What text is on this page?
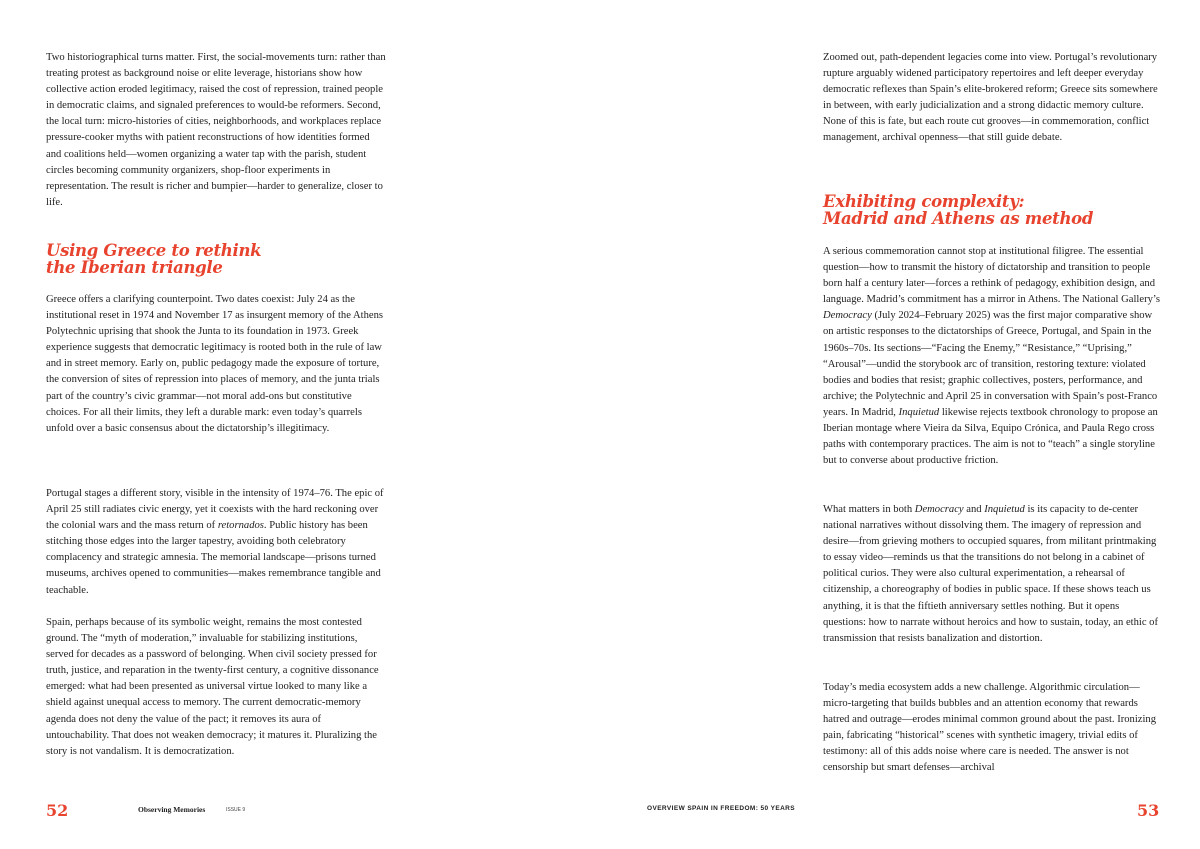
Two historiographical turns matter. First, the social-movements turn: rather than treating protest as background noise or elite leverage, historians show how collective action eroded legitimacy, raised the cost of repression, trained people in democratic claims, and signaled preferences to would-be reformers. Second, the local turn: micro-histories of cities, neighborhoods, and workplaces replace pressure-cooker myths with patient reconstructions of how identities formed and coalitions held—women organizing a water tap with the parish, student circles becoming community organizers, shop-floor experiments in representation. The result is richer and bumpier—harder to generalize, closer to life.

Using Greece to rethink
the Iberian triangle

Greece offers a clarifying counterpoint. Two dates coexist: July 24 as the institutional reset in 1974 and November 17 as insurgent memory of the Athens Polytechnic uprising that shook the Junta to its foundation in 1973. Greek experience suggests that democratic legitimacy is rooted both in the rule of law and in street memory. Early on, public pedagogy made the exposure of torture, the conversion of sites of repression into places of memory, and the junta trials part of the country’s civic grammar—not moral add-ons but constitutive choices. For all their limits, they left a durable mark: even today’s quarrels unfold over a basic consensus about the dictatorship’s illegitimacy.

Portugal stages a different story, visible in the intensity of 1974–76. The epic of April 25 still radiates civic energy, yet it coexists with the hard reckoning over the colonial wars and the mass return of retornados. Public history has been stitching those edges into the larger tapestry, avoiding both celebratory complacency and strategic amnesia. The memorial landscape—prisons turned museums, archives opened to communities—makes remembrance tangible and teachable.

Spain, perhaps because of its symbolic weight, remains the most contested ground. The “myth of moderation,” invaluable for stabilizing institutions, served for decades as a password of belonging. When civil society pressed for truth, justice, and reparation in the twenty-first century, a cognitive dissonance emerged: what had been presented as universal virtue looked to many like a shield against unequal access to memory. The current democratic-memory agenda does not deny the value of the pact; it removes its aura of untouchability. That does not weaken democracy; it matures it. Pluralizing the story is not vandalism. It is democratization.

Zoomed out, path-dependent legacies come into view. Portugal’s revolutionary rupture arguably widened participatory repertoires and left deeper everyday democratic reflexes than Spain’s elite-brokered reform; Greece sits somewhere in between, with early judicialization and a strong didactic memory culture. None of this is fate, but each route cut grooves—in commemoration, conflict management, archival openness—that still guide debate.

Exhibiting complexity:
Madrid and Athens as method

A serious commemoration cannot stop at institutional filigree. The essential question—how to transmit the history of dictatorship and transition to people born half a century later—forces a rethink of pedagogy, exhibition design, and language. Madrid’s commitment has a mirror in Athens. The National Gallery’s Democracy (July 2024–February 2025) was the first major comparative show on artistic responses to the dictatorships of Greece, Portugal, and Spain in the 1960s–70s. Its sections—“Facing the Enemy,” “Resistance,” “Uprising,” “Arousal”—undid the storybook arc of transition, restoring texture: violated bodies and bodies that resist; graphic collectives, posters, performance, and archive; the Polytechnic and April 25 in conversation with Spain’s post-Franco years. In Madrid, Inquietud likewise rejects textbook chronology to propose an Iberian montage where Vieira da Silva, Equipo Crónica, and Paula Rego cross paths with contemporary practices. The aim is not to “teach” a single storyline but to converse about productive friction.

What matters in both Democracy and Inquietud is its capacity to de-center national narratives without dissolving them. The imagery of repression and desire—from grieving mothers to occupied squares, from militant printmaking to essay video—reminds us that the transitions do not belong in a cabinet of political curios. They were also cultural experimentation, a rehearsal of citizenship, a choreography of bodies in public space. If these shows teach us anything, it is that the fiftieth anniversary settles nothing. But it opens questions: how to narrate without heroics and how to sustain, today, an ethic of transmission that resists banalization and distortion.

Today’s media ecosystem adds a new challenge. Algorithmic circulation—micro-targeting that builds bubbles and an attention economy that rewards hatred and outrage—erodes minimal common ground about the past. Ironizing pain, fabricating “historical” scenes with synthetic imagery, trivial edits of testimony: all of this adds noise where care is needed. The answer is not censorship but smart defenses—archival

52	Observing Memories	ISSUE 9	OVERVIEW SPAIN IN FREEDOM: 50 YEARS	53
